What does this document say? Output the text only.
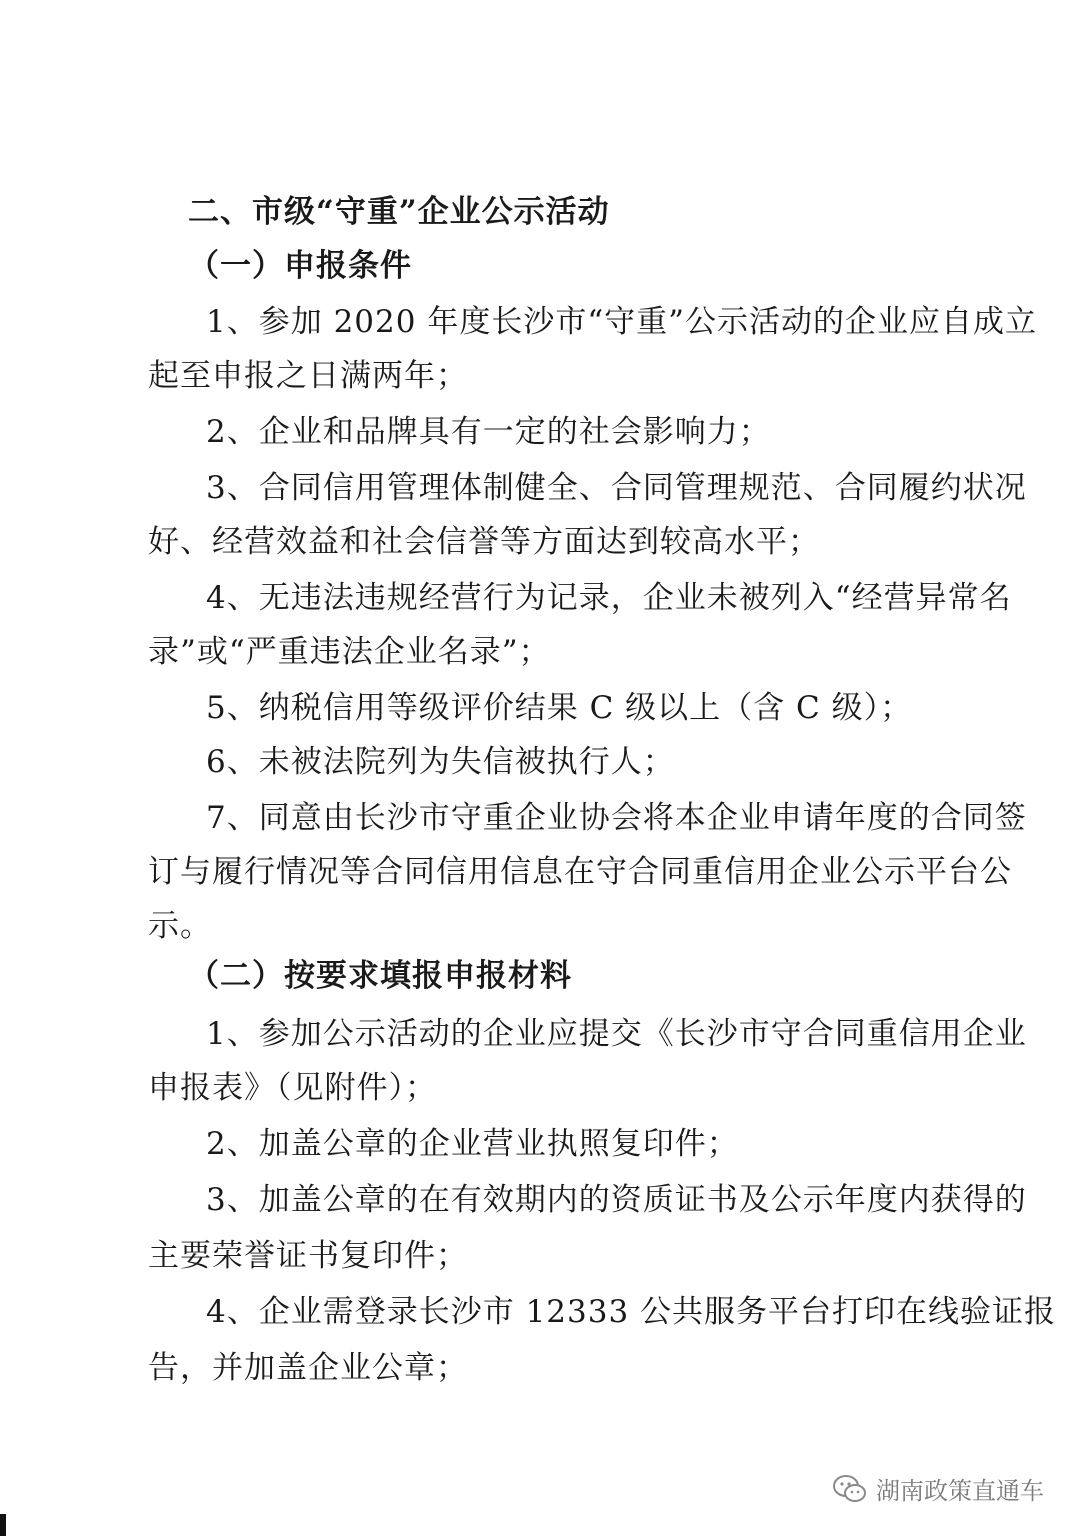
二、市级“守重”企业公示活动
（一）申报条件
1、参加 2020 年度长沙市“守重”公示活动的企业应自成立
起至申报之日满两年；
2、企业和品牌具有一定的社会影响力；
3、合同信用管理体制健全、合同管理规范、合同履约状况
好、经营效益和社会信誉等方面达到较高水平；
4、无违法违规经营行为记录，企业未被列入“经营异常名
录”或“严重违法企业名录”；
5、纳税信用等级评价结果 C 级以上（含 C 级）；
6、未被法院列为失信被执行人；
7、同意由长沙市守重企业协会将本企业申请年度的合同签
订与履行情况等合同信用信息在守合同重信用企业公示平台公
示。
（二）按要求填报申报材料
1、参加公示活动的企业应提交《长沙市守合同重信用企业
申报表》（见附件）；
2、加盖公章的企业营业执照复印件；
3、加盖公章的在有效期内的资质证书及公示年度内获得的
主要荣誉证书复印件；
4、企业需登录长沙市 12333 公共服务平台打印在线验证报
告，并加盖企业公章；
湖南政策直通车
